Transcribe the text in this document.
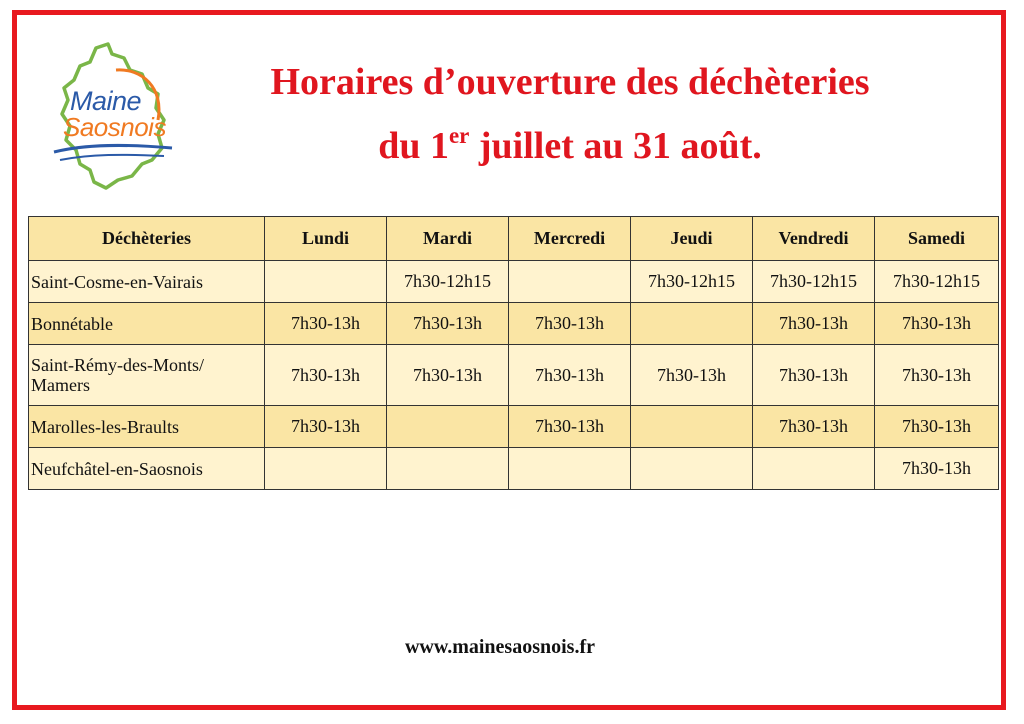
Maine
Saosnois
Horaires d’ouverture des déchèteries
du 1er juillet au 31 août.
Déchèteries	Lundi	Mardi	Mercredi	Jeudi	Vendredi	Samedi
Saint-Cosme-en-Vairais		7h30-12h15		7h30-12h15	7h30-12h15	7h30-12h15
Bonnétable	7h30-13h	7h30-13h	7h30-13h		7h30-13h	7h30-13h
Saint-Rémy-des-Monts/ Mamers	7h30-13h	7h30-13h	7h30-13h	7h30-13h	7h30-13h	7h30-13h
Marolles-les-Braults	7h30-13h		7h30-13h		7h30-13h	7h30-13h
Neufchâtel-en-Saosnois						7h30-13h
www.mainesaosnois.fr
